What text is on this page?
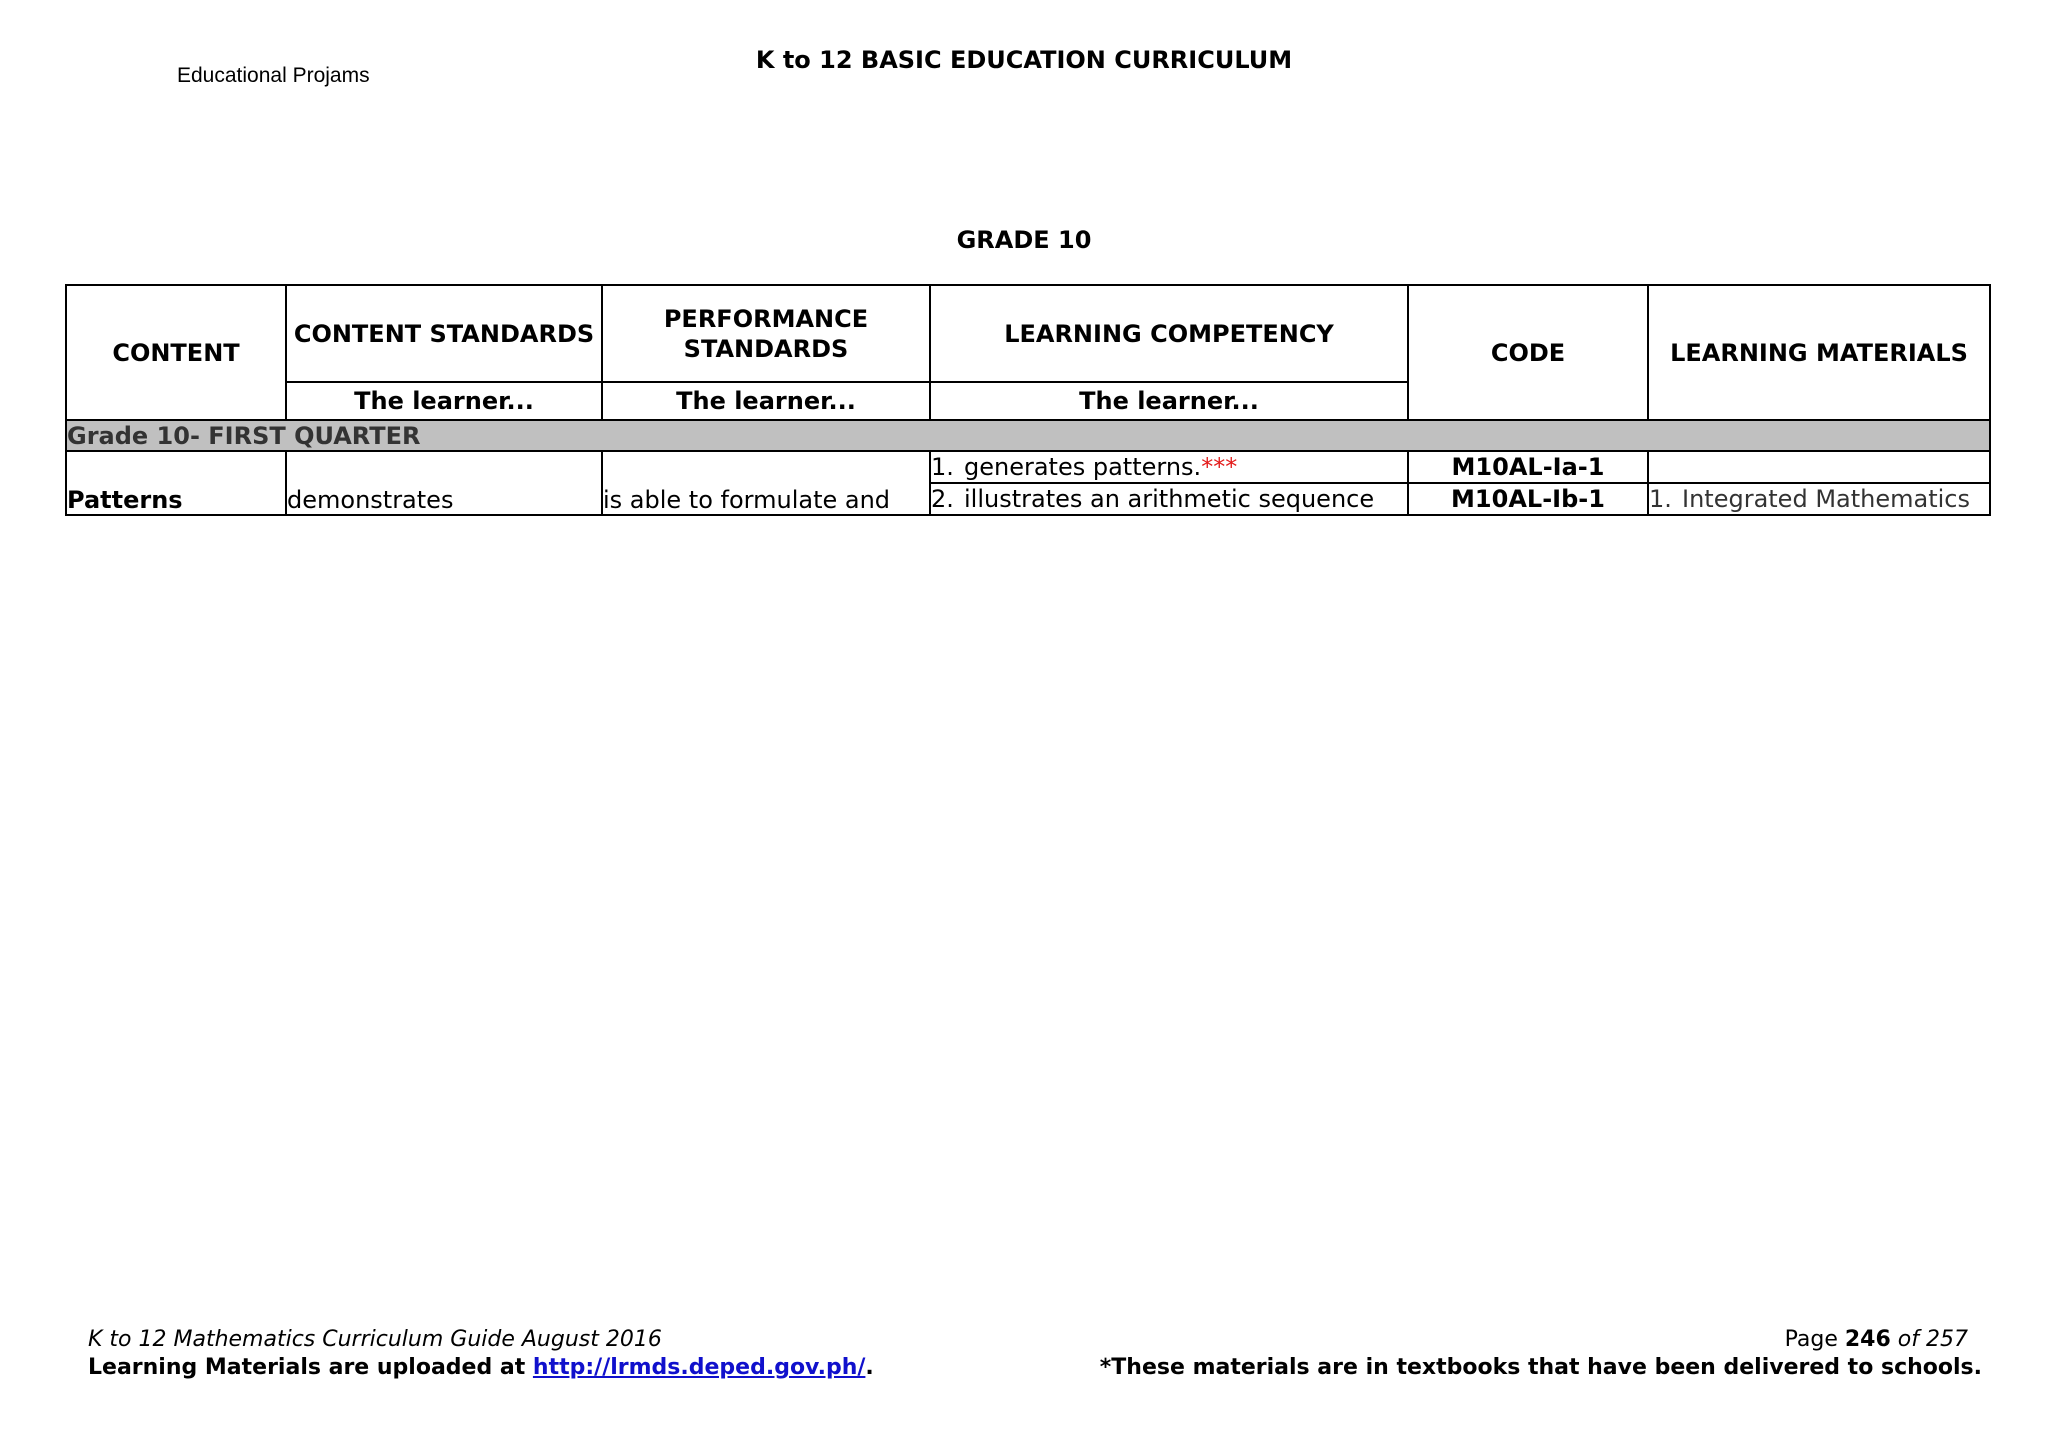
Educational Projams
K to 12 BASIC EDUCATION CURRICULUM
GRADE 10
CONTENT	CONTENT STANDARDS	PERFORMANCE
STANDARDS	LEARNING COMPETENCY	CODE	LEARNING MATERIALS
	The learner...	The learner...	The learner...		
Grade 10- FIRST QUARTER					
Patterns	demonstrates	is able to formulate and	1. generates patterns.***	M10AL-Ia-1	
			2. illustrates an arithmetic sequence	M10AL-Ib-1	1. Integrated Mathematics
K to 12 Mathematics Curriculum Guide August 2016
Learning Materials are uploaded at http://lrmds.deped.gov.ph/.
Page 246 of 257
*These materials are in textbooks that have been delivered to schools.
